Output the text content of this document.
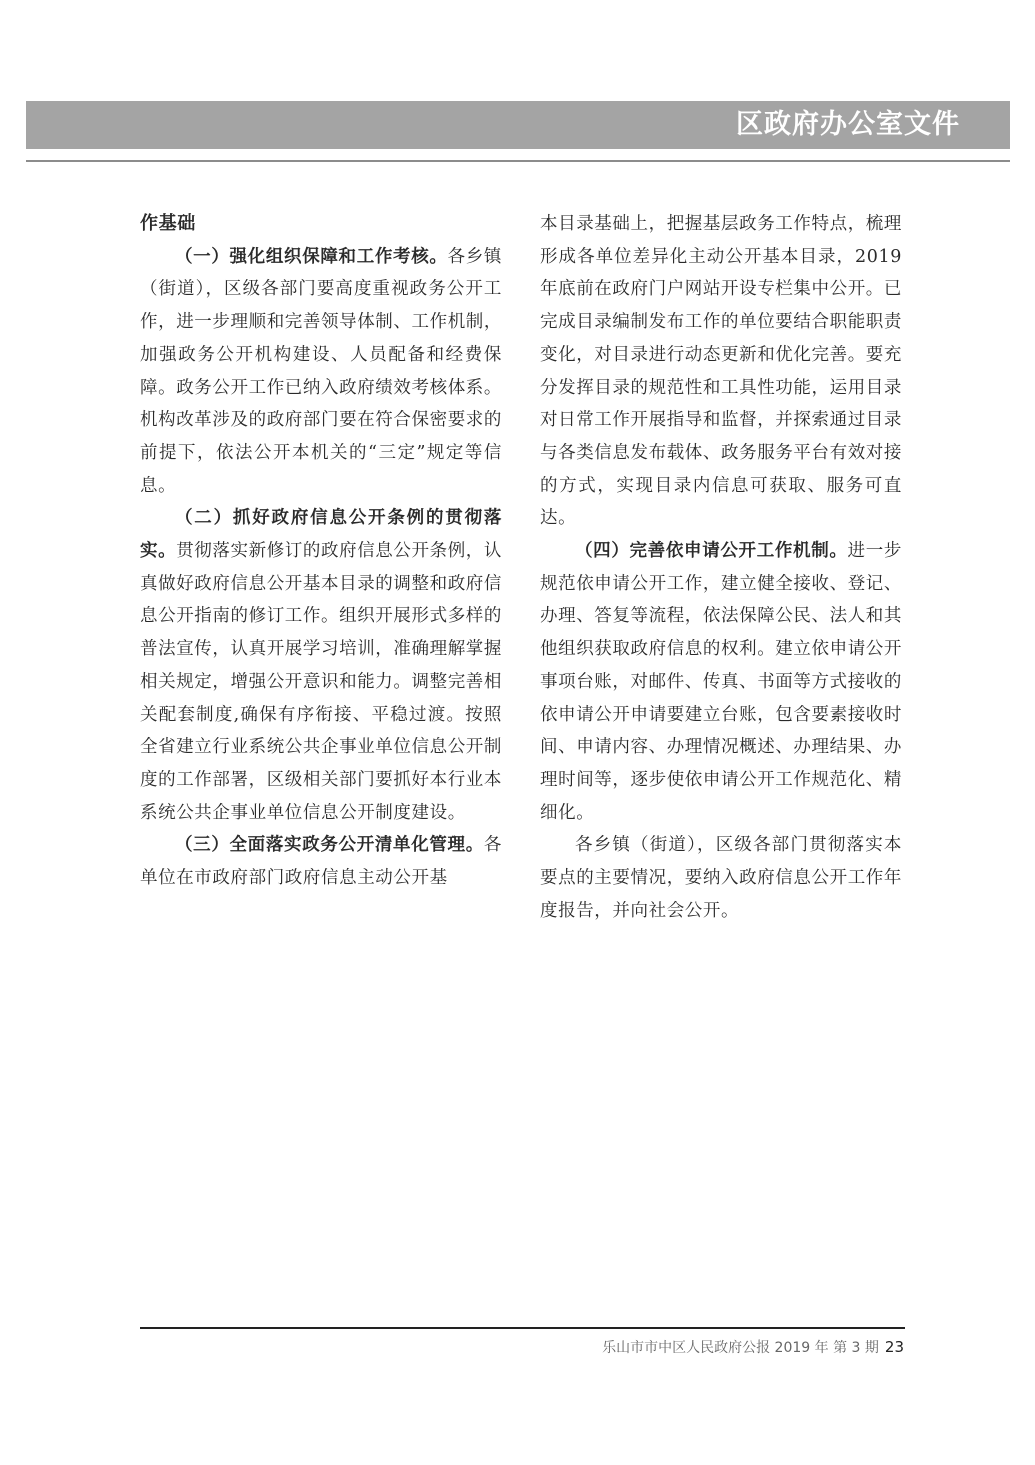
区政府办公室文件

作基础

（一）强化组织保障和工作考核。各乡镇（街道），区级各部门要高度重视政务公开工作，进一步理顺和完善领导体制、工作机制，加强政务公开机构建设、人员配备和经费保障。政务公开工作已纳入政府绩效考核体系。机构改革涉及的政府部门要在符合保密要求的前提下，依法公开本机关的“三定”规定等信息。

（二）抓好政府信息公开条例的贯彻落实。贯彻落实新修订的政府信息公开条例，认真做好政府信息公开基本目录的调整和政府信息公开指南的修订工作。组织开展形式多样的普法宣传，认真开展学习培训，准确理解掌握相关规定，增强公开意识和能力。调整完善相关配套制度,确保有序衔接、平稳过渡。按照全省建立行业系统公共企事业单位信息公开制度的工作部署，区级相关部门要抓好本行业本系统公共企事业单位信息公开制度建设。

（三）全面落实政务公开清单化管理。各单位在市政府部门政府信息主动公开基

本目录基础上，把握基层政务工作特点，梳理形成各单位差异化主动公开基本目录，2019年底前在政府门户网站开设专栏集中公开。已完成目录编制发布工作的单位要结合职能职责变化，对目录进行动态更新和优化完善。要充分发挥目录的规范性和工具性功能，运用目录对日常工作开展指导和监督，并探索通过目录与各类信息发布载体、政务服务平台有效对接的方式，实现目录内信息可获取、服务可直达。

（四）完善依申请公开工作机制。进一步规范依申请公开工作，建立健全接收、登记、办理、答复等流程，依法保障公民、法人和其他组织获取政府信息的权利。建立依申请公开事项台账，对邮件、传真、书面等方式接收的依申请公开申请要建立台账，包含要素接收时间、申请内容、办理情况概述、办理结果、办理时间等，逐步使依申请公开工作规范化、精细化。

各乡镇（街道），区级各部门贯彻落实本要点的主要情况，要纳入政府信息公开工作年度报告，并向社会公开。

乐山市市中区人民政府公报 2019 年 第 3 期 23
